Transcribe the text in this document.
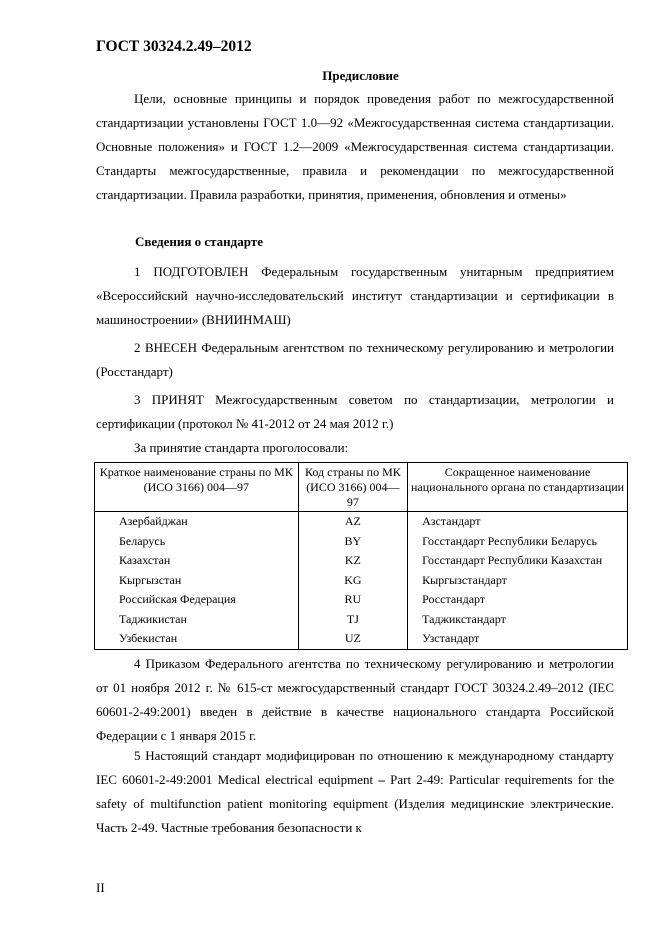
ГОСТ 30324.2.49–2012
Предисловие

Цели, основные принципы и порядок проведения работ по межгосударственной стандартизации установлены ГОСТ 1.0—92 «Межгосударственная система стандартизации. Основные положения» и ГОСТ 1.2—2009 «Межгосударственная система стандартизации. Стандарты межгосударственные, правила и рекомендации по межгосударственной стандартизации. Правила разработки, принятия, применения, обновления и отмены»

Сведения о стандарте

1 ПОДГОТОВЛЕН Федеральным государственным унитарным предприятием «Всероссийский научно-исследовательский институт стандартизации и сертификации в машиностроении» (ВНИИНМАШ)

2 ВНЕСЕН Федеральным агентством по техническому регулированию и метрологии (Росстандарт)

3 ПРИНЯТ Межгосударственным советом по стандартизации, метрологии и сертификации (протокол № 41-2012 от 24 мая 2012 г.)

За принятие стандарта проголосовали:
Краткое наименование страны по МК (ИСО 3166) 004—97	Код страны по МК (ИСО 3166) 004—97	Сокращенное наименование национального органа по стандартизации
Азербайджан	AZ	Азстандарт
Беларусь	BY	Госстандарт Республики Беларусь
Казахстан	KZ	Госстандарт Республики Казахстан
Кыргызстан	KG	Кыргызстандарт
Российская Федерация	RU	Росстандарт
Таджикистан	TJ	Таджикстандарт
Узбекистан	UZ	Узстандарт

4 Приказом Федерального агентства по техническому регулированию и метрологии от 01 ноября 2012 г. № 615-ст межгосударственный стандарт ГОСТ 30324.2.49–2012 (IEC 60601-2-49:2001) введен в действие в качестве национального стандарта Российской Федерации с 1 января 2015 г.

5 Настоящий стандарт модифицирован по отношению к международному стандарту IEC 60601-2-49:2001 Medical electrical equipment – Part 2-49: Particular requirements for the safety of multifunction patient monitoring equipment (Изделия медицинские электрические. Часть 2-49. Частные требования безопасности к

II
